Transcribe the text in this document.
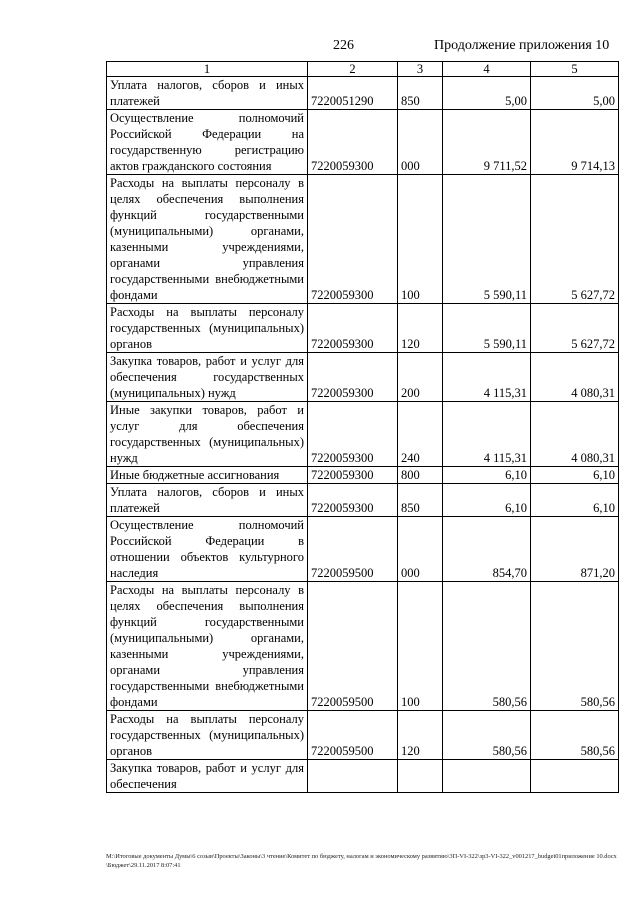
226	Продолжение приложения 10
1	2	3	4	5
Уплата налогов, сборов и иных платежей	7220051290	850	5,00	5,00
Осуществление полномочий Российской Федерации на государственную регистрацию актов гражданского состояния	7220059300	000	9 711,52	9 714,13
Расходы на выплаты персоналу в целях обеспечения выполнения функций государственными (муниципальными) органами, казенными учреждениями, органами управления государственными внебюджетными фондами	7220059300	100	5 590,11	5 627,72
Расходы на выплаты персоналу государственных (муниципальных) органов	7220059300	120	5 590,11	5 627,72
Закупка товаров, работ и услуг для обеспечения государственных (муниципальных) нужд	7220059300	200	4 115,31	4 080,31
Иные закупки товаров, работ и услуг для обеспечения государственных (муниципальных) нужд	7220059300	240	4 115,31	4 080,31
Иные бюджетные ассигнования	7220059300	800	6,10	6,10
Уплата налогов, сборов и иных платежей	7220059300	850	6,10	6,10
Осуществление полномочий Российской Федерации в отношении объектов культурного наследия	7220059500	000	854,70	871,20
Расходы на выплаты персоналу в целях обеспечения выполнения функций государственными (муниципальными) органами, казенными учреждениями, органами управления государственными внебюджетными фондами	7220059500	100	580,56	580,56
Расходы на выплаты персоналу государственных (муниципальных) органов	7220059500	120	580,56	580,56
Закупка товаров, работ и услуг для обеспечения				
M:\Итоговые документы Думы\6 созыв\Проекты\Законы\3 чтение\Комитет по бюджету, налогам и экономическому развитию\3П-VI-322\зр3-VI-322_v001217_budget01приложение 10.docx\Бюджет\29.11.2017 8:07:41
